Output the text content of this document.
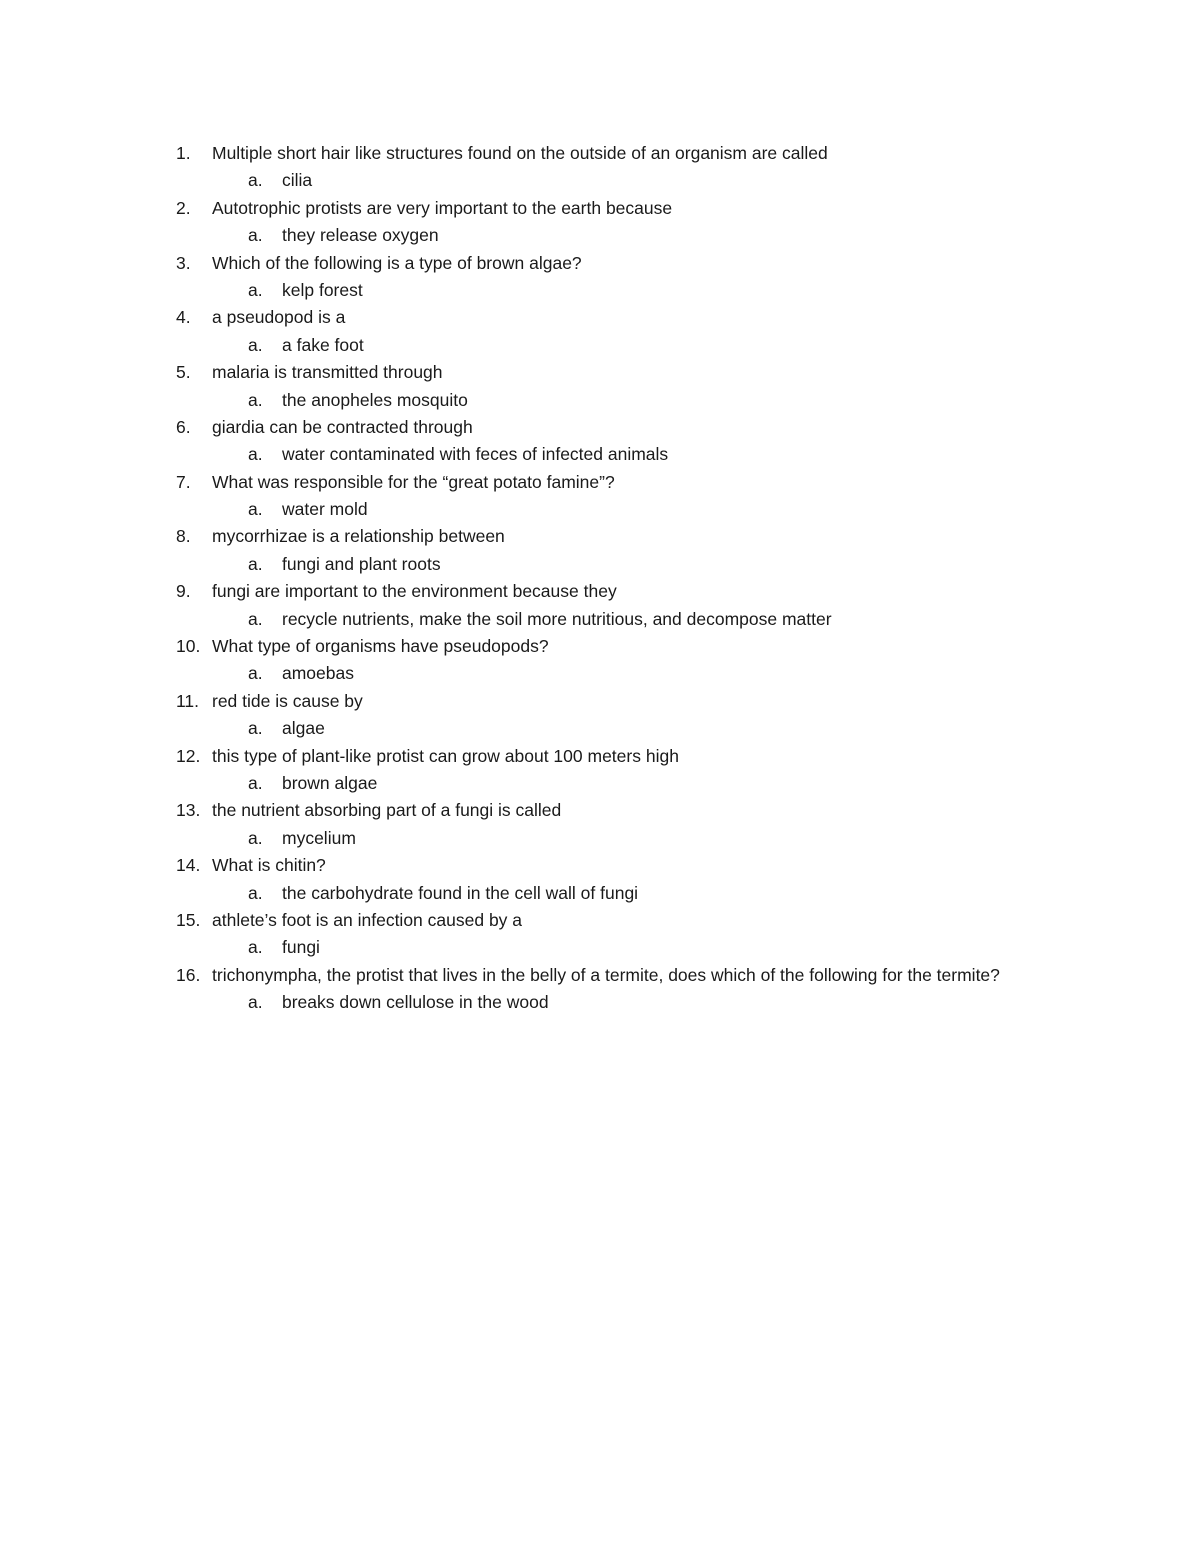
1. Multiple short hair like structures found on the outside of an organism are called
a. cilia
2. Autotrophic protists are very important to the earth because
a. they release oxygen
3. Which of the following is a type of brown algae?
a. kelp forest
4. a pseudopod is a
a. a fake foot
5. malaria is transmitted through
a. the anopheles mosquito
6. giardia can be contracted through
a. water contaminated with feces of infected animals
7. What was responsible for the “great potato famine”?
a. water mold
8. mycorrhizae is a relationship between
a. fungi and plant roots
9. fungi are important to the environment because they
a. recycle nutrients, make the soil more nutritious, and decompose matter
10. What type of organisms have pseudopods?
a. amoebas
11. red tide is cause by
a. algae
12. this type of plant-like protist can grow about 100 meters high
a. brown algae
13. the nutrient absorbing part of a fungi is called
a. mycelium
14. What is chitin?
a. the carbohydrate found in the cell wall of fungi
15. athlete’s foot is an infection caused by a
a. fungi
16. trichonympha, the protist that lives in the belly of a termite, does which of the following for the termite?
a. breaks down cellulose in the wood
